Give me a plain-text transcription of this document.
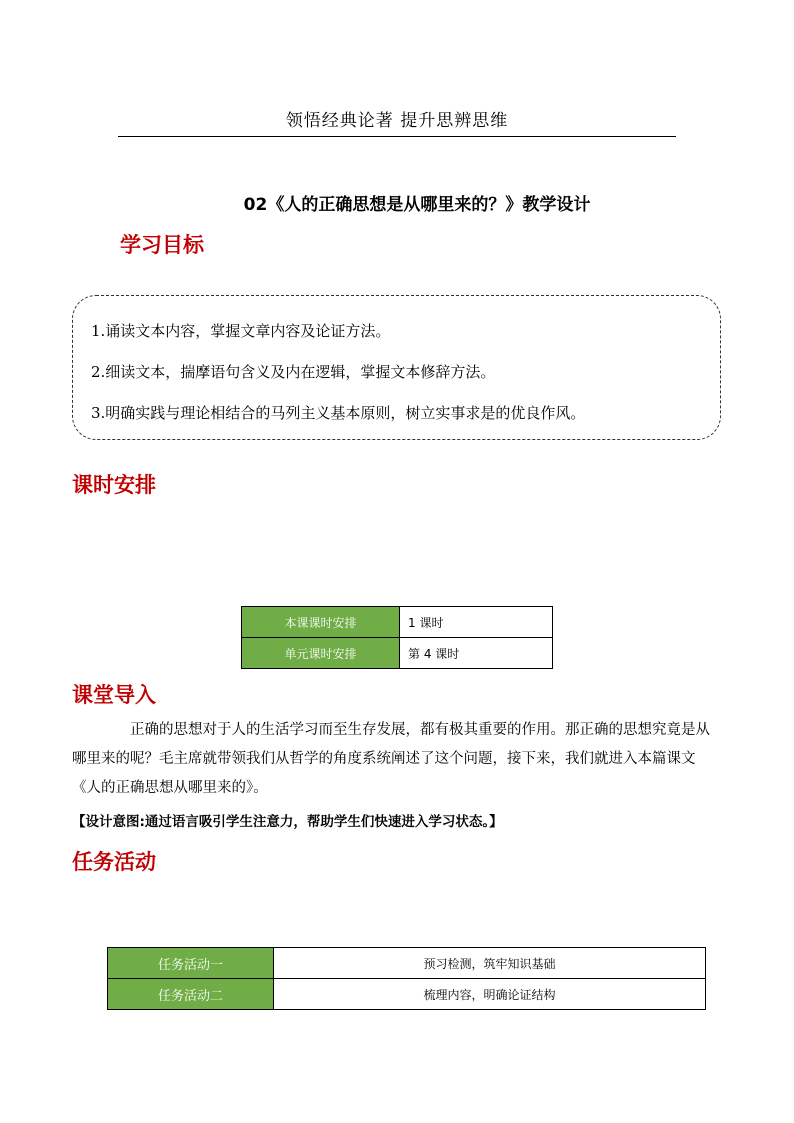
领悟经典论著 提升思辨思维
02《人的正确思想是从哪里来的？》教学设计
学习目标
1.诵读文本内容，掌握文章内容及论证方法。
2.细读文本，揣摩语句含义及内在逻辑，掌握文本修辞方法。
3.明确实践与理论相结合的马列主义基本原则，树立实事求是的优良作风。
课时安排
本课课时安排	1 课时
单元课时安排	第 4 课时
课堂导入
正确的思想对于人的生活学习而至生存发展，都有极其重要的作用。那正确的思想究竟是从哪里来的呢？毛主席就带领我们从哲学的角度系统阐述了这个问题，接下来，我们就进入本篇课文《人的正确思想从哪里来的》。
【设计意图:通过语言吸引学生注意力，帮助学生们快速进入学习状态。】
任务活动
任务活动一	预习检测，筑牢知识基础
任务活动二	梳理内容，明确论证结构
